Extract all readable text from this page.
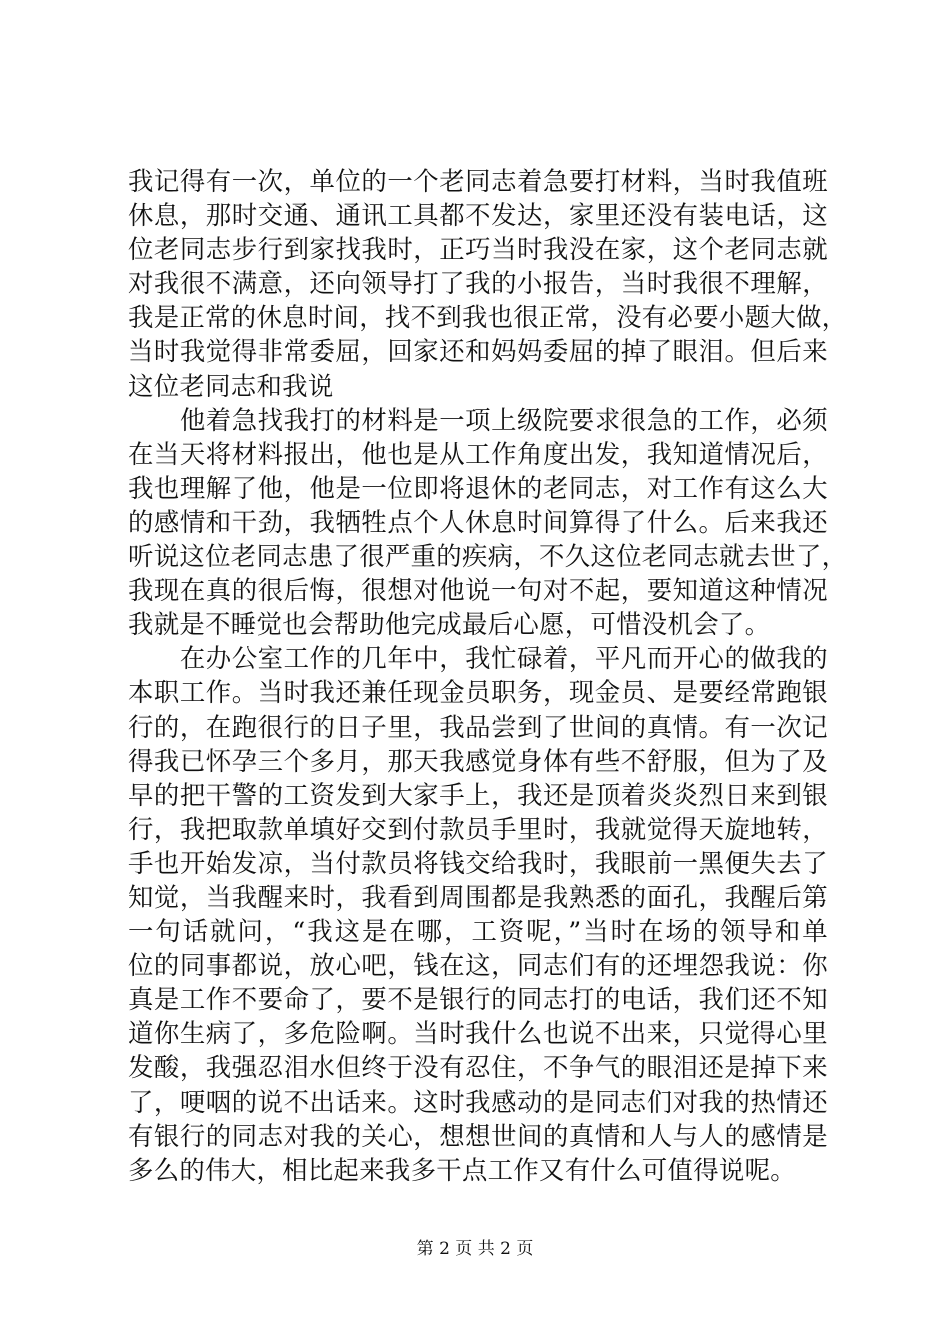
我记得有一次，单位的一个老同志着急要打材料，当时我值班
休息，那时交通、通讯工具都不发达，家里还没有装电话，这
位老同志步行到家找我时，正巧当时我没在家，这个老同志就
对我很不满意，还向领导打了我的小报告，当时我很不理解，
我是正常的休息时间，找不到我也很正常，没有必要小题大做，
当时我觉得非常委屈，回家还和妈妈委屈的掉了眼泪。但后来
这位老同志和我说
　　他着急找我打的材料是一项上级院要求很急的工作，必须
在当天将材料报出，他也是从工作角度出发，我知道情况后，
我也理解了他，他是一位即将退休的老同志，对工作有这么大
的感情和干劲，我牺牲点个人休息时间算得了什么。后来我还
听说这位老同志患了很严重的疾病，不久这位老同志就去世了，
我现在真的很后悔，很想对他说一句对不起，要知道这种情况
我就是不睡觉也会帮助他完成最后心愿，可惜没机会了。
　　在办公室工作的几年中，我忙碌着，平凡而开心的做我的
本职工作。当时我还兼任现金员职务，现金员、是要经常跑银
行的，在跑很行的日子里，我品尝到了世间的真情。有一次记
得我已怀孕三个多月，那天我感觉身体有些不舒服，但为了及
早的把干警的工资发到大家手上，我还是顶着炎炎烈日来到银
行，我把取款单填好交到付款员手里时，我就觉得天旋地转，
手也开始发凉，当付款员将钱交给我时，我眼前一黑便失去了
知觉，当我醒来时，我看到周围都是我熟悉的面孔，我醒后第
一句话就问，“我这是在哪，工资呢，”当时在场的领导和单
位的同事都说，放心吧，钱在这，同志们有的还埋怨我说：你
真是工作不要命了，要不是银行的同志打的电话，我们还不知
道你生病了，多危险啊。当时我什么也说不出来，只觉得心里
发酸，我强忍泪水但终于没有忍住，不争气的眼泪还是掉下来
了，哽咽的说不出话来。这时我感动的是同志们对我的热情还
有银行的同志对我的关心，想想世间的真情和人与人的感情是
多么的伟大，相比起来我多干点工作又有什么可值得说呢。
第 2 页 共 2 页
